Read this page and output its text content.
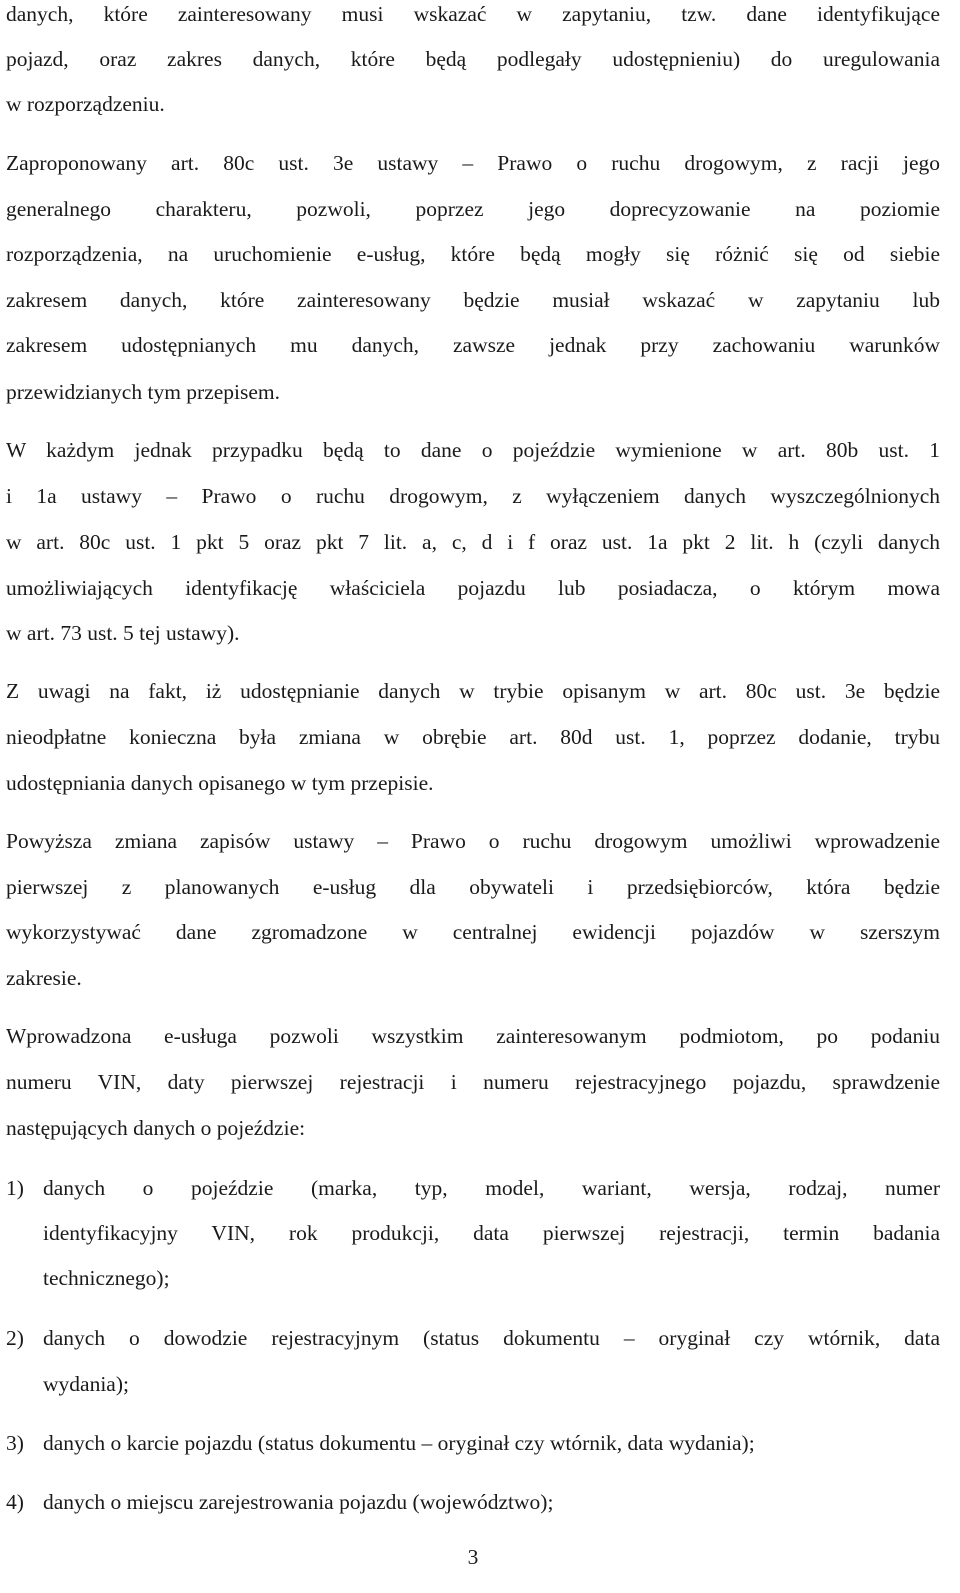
danych, które zainteresowany musi wskazać w zapytaniu, tzw. dane identyfikujące
pojazd, oraz zakres danych, które będą podlegały udostępnieniu) do uregulowania
w rozporządzeniu.
Zaproponowany art. 80c ust. 3e ustawy – Prawo o ruchu drogowym, z racji jego
generalnego charakteru, pozwoli, poprzez jego doprecyzowanie na poziomie
rozporządzenia, na uruchomienie e-usług, które będą mogły się różnić się od siebie
zakresem danych, które zainteresowany będzie musiał wskazać w zapytaniu lub
zakresem udostępnianych mu danych, zawsze jednak przy zachowaniu warunków
przewidzianych tym przepisem.
W każdym jednak przypadku będą to dane o pojeździe wymienione w art. 80b ust. 1
i 1a ustawy – Prawo o ruchu drogowym, z wyłączeniem danych wyszczególnionych
w art. 80c ust. 1 pkt 5 oraz pkt 7 lit. a, c, d i f oraz ust. 1a pkt 2 lit. h (czyli danych
umożliwiających identyfikację właściciela pojazdu lub posiadacza, o którym mowa
w art. 73 ust. 5 tej ustawy).
Z uwagi na fakt, iż udostępnianie danych w trybie opisanym w art. 80c ust. 3e będzie
nieodpłatne konieczna była zmiana w obrębie art. 80d ust. 1, poprzez dodanie, trybu
udostępniania danych opisanego w tym przepisie.
Powyższa zmiana zapisów ustawy – Prawo o ruchu drogowym umożliwi wprowadzenie
pierwszej z planowanych e-usług dla obywateli i przedsiębiorców, która będzie
wykorzystywać dane zgromadzone w centralnej ewidencji pojazdów w szerszym
zakresie.
Wprowadzona e-usługa pozwoli wszystkim zainteresowanym podmiotom, po podaniu
numeru VIN, daty pierwszej rejestracji i numeru rejestracyjnego pojazdu, sprawdzenie
następujących danych o pojeździe:
1) danych o pojeździe (marka, typ, model, wariant, wersja, rodzaj, numer
identyfikacyjny VIN, rok produkcji, data pierwszej rejestracji, termin badania
technicznego);
2) danych o dowodzie rejestracyjnym (status dokumentu – oryginał czy wtórnik, data
wydania);
3) danych o karcie pojazdu (status dokumentu – oryginał czy wtórnik, data wydania);
4) danych o miejscu zarejestrowania pojazdu (województwo);
3
